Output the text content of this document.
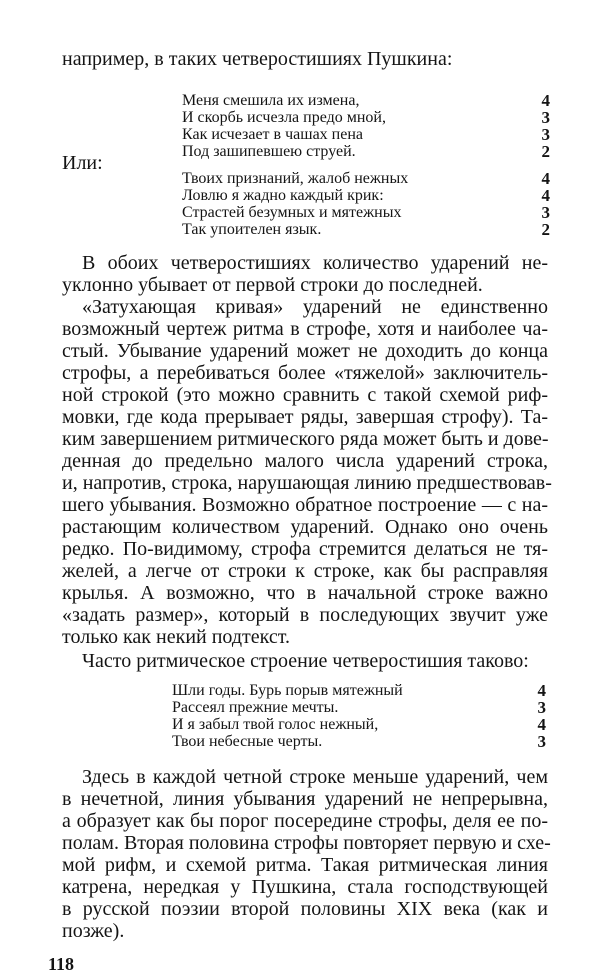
например, в таких четверостишиях Пушкина:
Меня смешила их измена,	4
И скорбь исчезла предо мной,	3
Как исчезает в чашах пена	3
Под зашипевшею струей.	2
Или:
Твоих признаний, жалоб нежных	4
Ловлю я жадно каждый крик:	4
Страстей безумных и мятежных	3
Так упоителен язык.	2
В обоих четверостишиях количество ударений не-
уклонно убывает от первой строки до последней.
«Затухающая кривая» ударений не единственно
возможный чертеж ритма в строфе, хотя и наиболее ча-
стый. Убывание ударений может не доходить до конца
строфы, а перебиваться более «тяжелой» заключитель-
ной строкой (это можно сравнить с такой схемой риф-
мовки, где кода прерывает ряды, завершая строфу). Та-
ким завершением ритмического ряда может быть и дове-
денная до предельно малого числа ударений строка,
и, напротив, строка, нарушающая линию предшествовав-
шего убывания. Возможно обратное построение — с на-
растающим количеством ударений. Однако оно очень
редко. По-видимому, строфа стремится делаться не тя-
желей, а легче от строки к строке, как бы расправляя
крылья. А возможно, что в начальной строке важно
«задать размер», который в последующих звучит уже
только как некий подтекст.
Часто ритмическое строение четверостишия таково:
Шли годы. Бурь порыв мятежный	4
Рассеял прежние мечты.	3
И я забыл твой голос нежный,	4
Твои небесные черты.	3
Здесь в каждой четной строке меньше ударений, чем
в нечетной, линия убывания ударений не непрерывна,
а образует как бы порог посередине строфы, деля ее по-
полам. Вторая половина строфы повторяет первую и схе-
мой рифм, и схемой ритма. Такая ритмическая линия
катрена, нередкая у Пушкина, стала господствующей
в русской поэзии второй половины XIX века (как и
позже).
118
